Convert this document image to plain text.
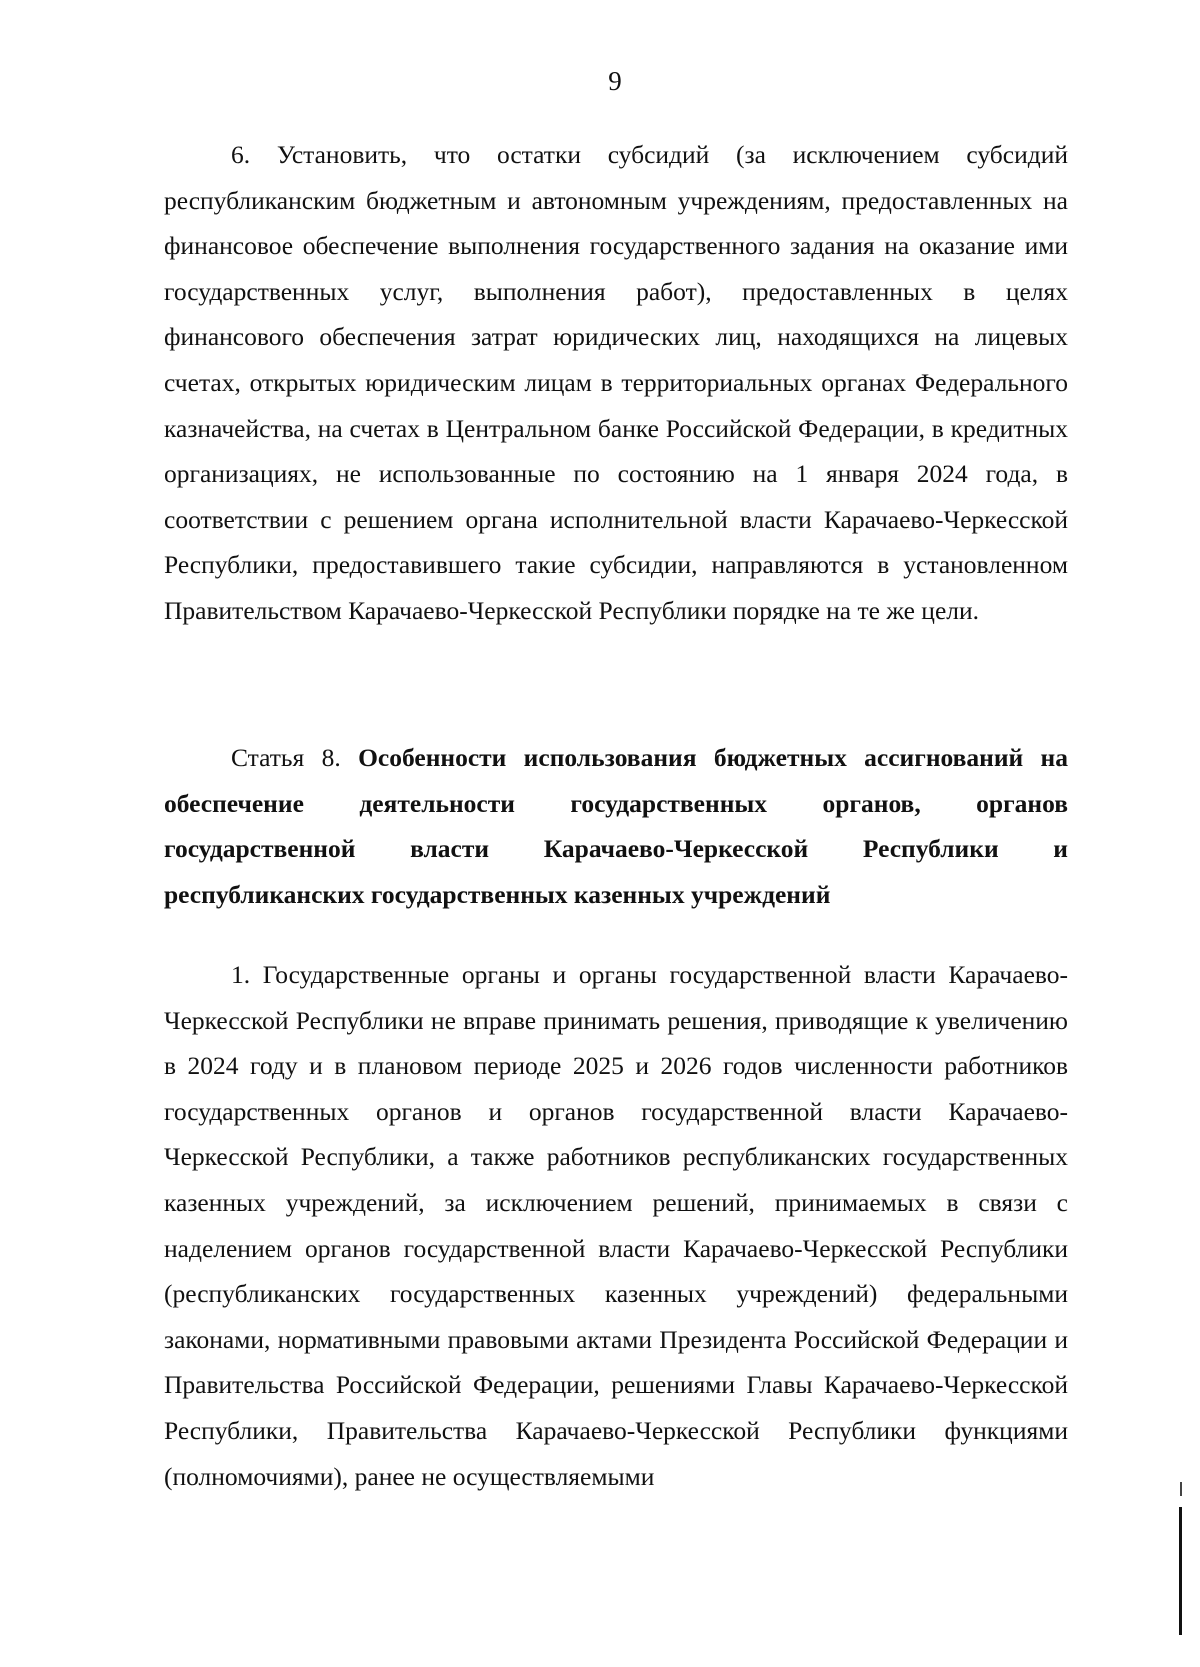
9

6. Установить, что остатки субсидий (за исключением субсидий республиканским бюджетным и автономным учреждениям, предоставленных на финансовое обеспечение выполнения государственного задания на оказание ими государственных услуг, выполнения работ), предоставленных в целях финансового обеспечения затрат юридических лиц, находящихся на лицевых счетах, открытых юридическим лицам в территориальных органах Федерального казначейства, на счетах в Центральном банке Российской Федерации, в кредитных организациях, не использованные по состоянию на 1 января 2024 года, в соответствии с решением органа исполнительной власти Карачаево-Черкесской Республики, предоставившего такие субсидии, направляются в установленном Правительством Карачаево-Черкесской Республики порядке на те же цели.

Статья 8. Особенности использования бюджетных ассигнований на обеспечение деятельности государственных органов, органов государственной власти Карачаево-Черкесской Республики и республиканских государственных казенных учреждений

1. Государственные органы и органы государственной власти Карачаево-Черкесской Республики не вправе принимать решения, приводящие к увеличению в 2024 году и в плановом периоде 2025 и 2026 годов численности работников государственных органов и органов государственной власти Карачаево-Черкесской Республики, а также работников республиканских государственных казенных учреждений, за исключением решений, принимаемых в связи с наделением органов государственной власти Карачаево-Черкесской Республики (республиканских государственных казенных учреждений) федеральными законами, нормативными правовыми актами Президента Российской Федерации и Правительства Российской Федерации, решениями Главы Карачаево-Черкесской Республики, Правительства Карачаево-Черкесской Республики функциями (полномочиями), ранее не осуществляемыми
